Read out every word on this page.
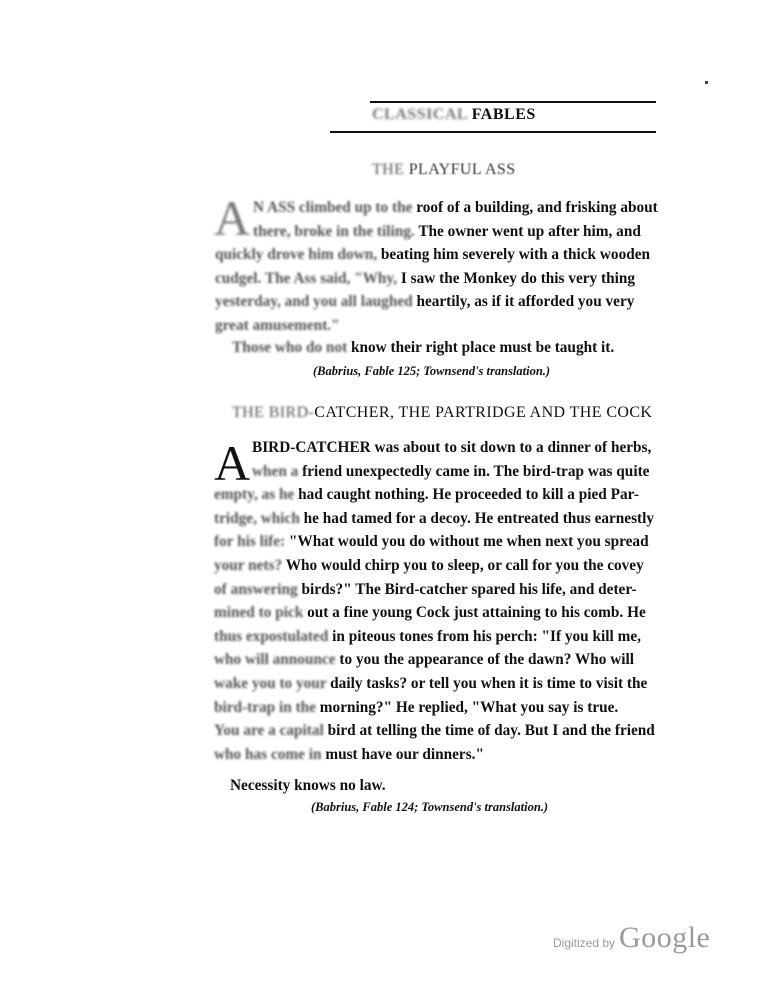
CLASSICAL FABLES
THE PLAYFUL ASS
A N ASS climbed up to the roof of a building, and frisking about
there, broke in the tiling. The owner went up after him, and
quickly drove him down, beating him severely with a thick wooden
cudgel. The Ass said, "Why, I saw the Monkey do this very thing
yesterday, and you all laughed heartily, as if it afforded you very
great amusement."
Those who do not know their right place must be taught it.
(Babrius, Fable 125; Townsend's translation.)
THE BIRD-CATCHER, THE PARTRIDGE AND THE COCK
A BIRD-CATCHER was about to sit down to a dinner of herbs,
when a friend unexpectedly came in. The bird-trap was quite
empty, as he had caught nothing. He proceeded to kill a pied Par-
tridge, which he had tamed for a decoy. He entreated thus earnestly
for his life: "What would you do without me when next you spread
your nets? Who would chirp you to sleep, or call for you the covey
of answering birds?" The Bird-catcher spared his life, and deter-
mined to pick out a fine young Cock just attaining to his comb. He
thus expostulated in piteous tones from his perch: "If you kill me,
who will announce to you the appearance of the dawn? Who will
wake you to your daily tasks? or tell you when it is time to visit the
bird-trap in the morning?" He replied, "What you say is true.
You are a capital bird at telling the time of day. But I and the friend
who has come in must have our dinners."
Necessity knows no law.
(Babrius, Fable 124; Townsend's translation.)
Digitized by Google
